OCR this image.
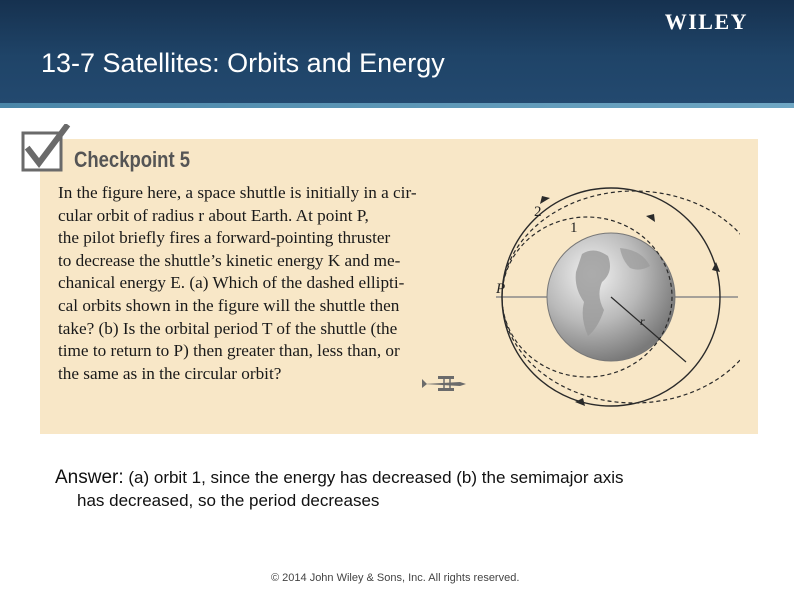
WILEY
13-7 Satellites: Orbits and Energy
Checkpoint 5
In the figure here, a space shuttle is initially in a cir-
cular orbit of radius r about Earth. At point P,
the pilot briefly fires a forward-pointing thruster
to decrease the shuttle’s kinetic energy K and me-
chanical energy E. (a) Which of the dashed ellipti-
cal orbits shown in the figure will the shuttle then
take? (b) Is the orbital period T of the shuttle (the
time to return to P) then greater than, less than, or
the same as in the circular orbit?
2
1
P
r
Answer: (a) orbit 1, since the energy has decreased (b) the semimajor axis
has decreased, so the period decreases
© 2014 John Wiley & Sons, Inc. All rights reserved.
